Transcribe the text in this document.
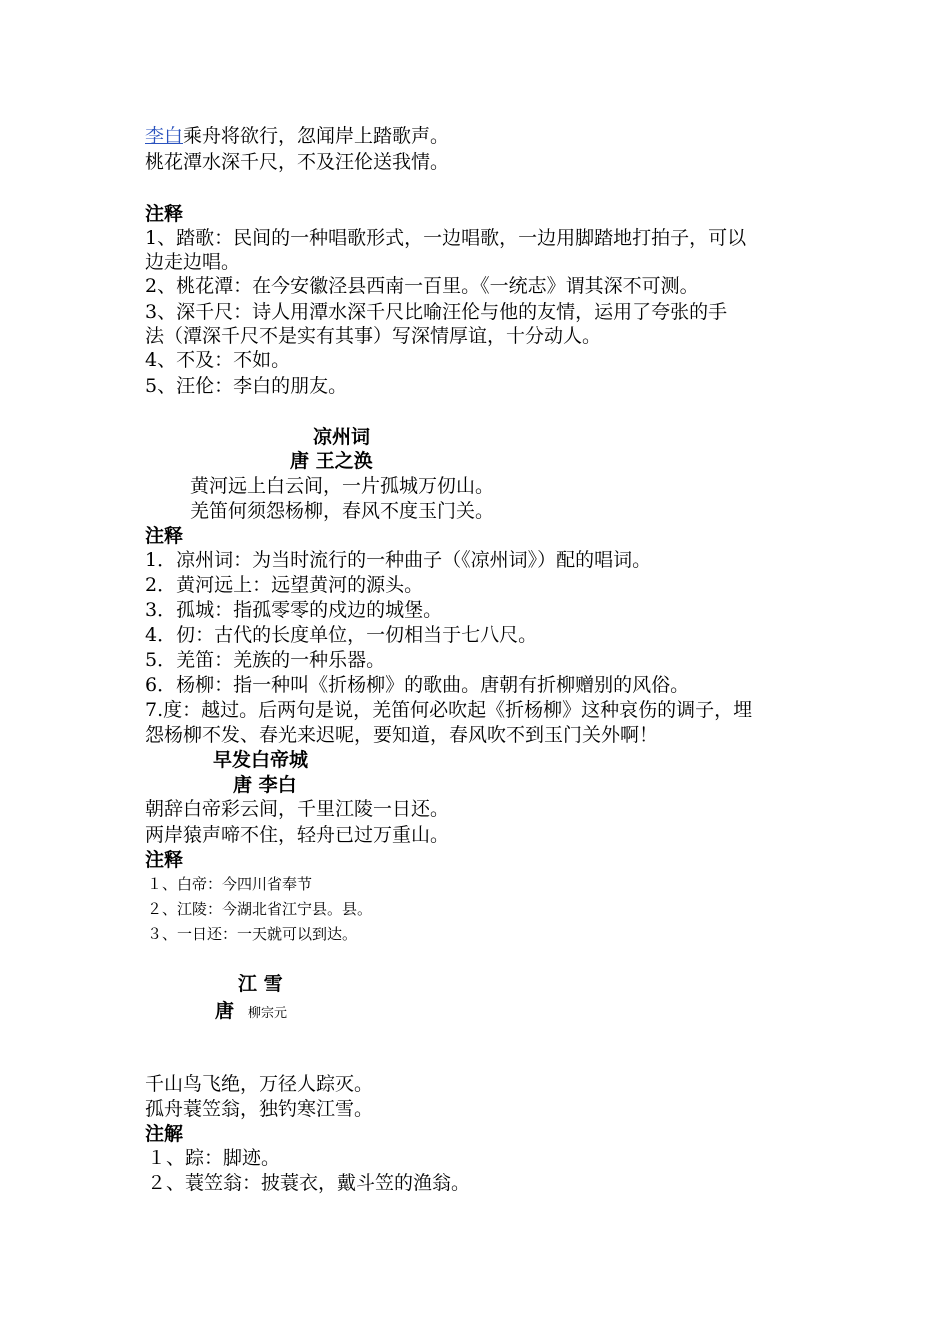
李白乘舟将欲行，忽闻岸上踏歌声。
桃花潭水深千尺，不及汪伦送我情。
注释
1、踏歌：民间的一种唱歌形式，一边唱歌，一边用脚踏地打拍子，可以
边走边唱。
2、桃花潭：在今安徽泾县西南一百里。《一统志》谓其深不可测。
3、深千尺：诗人用潭水深千尺比喻汪伦与他的友情，运用了夸张的手
法（潭深千尺不是实有其事）写深情厚谊，十分动人。
4、不及：不如。
5、汪伦：李白的朋友。
凉州词
唐 王之涣
黄河远上白云间，一片孤城万仞山。
羌笛何须怨杨柳，春风不度玉门关。
注释
1．凉州词：为当时流行的一种曲子（《凉州词》）配的唱词。
2．黄河远上：远望黄河的源头。
3．孤城：指孤零零的戍边的城堡。
4．仞：古代的长度单位，一仞相当于七八尺。
5．羌笛：羌族的一种乐器。
6．杨柳：指一种叫《折杨柳》的歌曲。唐朝有折柳赠别的风俗。
7.度：越过。后两句是说，羌笛何必吹起《折杨柳》这种哀伤的调子，埋
怨杨柳不发、春光来迟呢，要知道，春风吹不到玉门关外啊！
早发白帝城
唐 李白
朝辞白帝彩云间，千里江陵一日还。
两岸猿声啼不住，轻舟已过万重山。
注释
１、白帝：今四川省奉节
２、江陵：今湖北省江宁县。县。
３、一日还：一天就可以到达。
江 雪
唐 柳宗元
千山鸟飞绝，万径人踪灭。
孤舟蓑笠翁，独钓寒江雪。
注解
１、踪：脚迹。
２、蓑笠翁：披蓑衣，戴斗笠的渔翁。
